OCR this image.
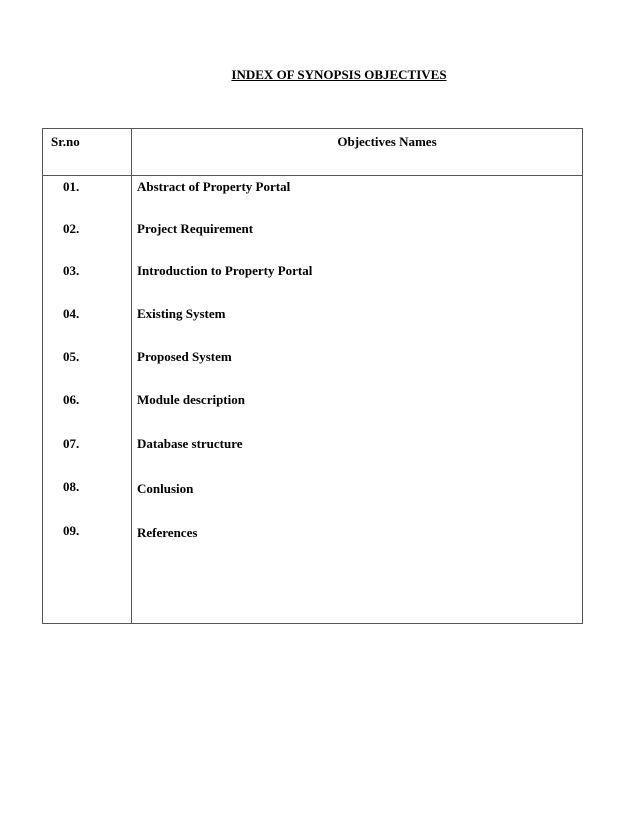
INDEX OF SYNOPSIS OBJECTIVES
Sr.no	Objectives Names
01.	Abstract of Property Portal
02.	Project Requirement
03.	Introduction to Property Portal
04.	Existing System
05.	Proposed System
06.	Module description
07.	Database structure
08.	Conlusion
09.	References
